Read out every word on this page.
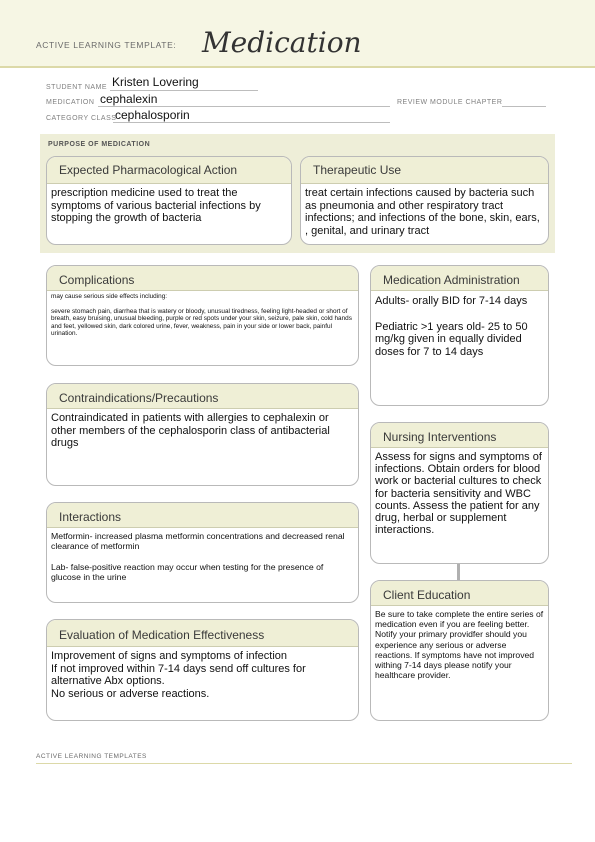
ACTIVE LEARNING TEMPLATE: Medication
STUDENT NAME Kristen Lovering
MEDICATION cephalexin	REVIEW MODULE CHAPTER
CATEGORY CLASS
cephalosporin
PURPOSE OF MEDICATION
Expected Pharmacological Action
prescription medicine used to treat the symptoms of various bacterial infections by stopping the growth of bacteria
Therapeutic Use
treat certain infections caused by bacteria such as pneumonia and other respiratory tract infections; and infections of the bone, skin, ears, , genital, and urinary tract
Complications

may cause serious side effects including:

severe stomach pain, diarrhea that is watery or bloody, unusual tiredness, feeling light-headed or short of breath, easy bruising, unusual bleeding, purple or red spots under your skin, seizure, pale skin, cold hands and feet, yellowed skin, dark colored urine, fever, weakness, pain in your side or lower back, painful urination.

Medication Administration

Adults- orally BID for 7-14 days

Pediatric >1 years old- 25 to 50 mg/kg given in equally divided doses for 7 to 14 days

Contraindications/Precautions
Contraindicated in patients with allergies to cephalexin or other members of the cephalosporin class of antibacterial drugs	Nursing Interventions
Assess for signs and symptoms of infections. Obtain orders for blood work or bacterial cultures to check for bacteria sensitivity and WBC counts. Assess the patient for any drug, herbal or supplement interactions.
Interactions

Metformin- increased plasma metformin concentrations and decreased renal clearance of metformin

Lab- false-positive reaction may occur when testing for the presence of glucose in the urine

Client Education
Be sure to take complete the entire series of medication even if you are feeling better. Notify your primary providfer should you experience any serious or adverse reactions. If symptoms have not improved withing 7-14 days please notify your healthcare provider.
Evaluation of Medication Effectiveness
Improvement of signs and symptoms of infection
If not improved within 7-14 days send off cultures for alternative Abx options.
No serious or adverse reactions.
ACTIVE LEARNING TEMPLATES
